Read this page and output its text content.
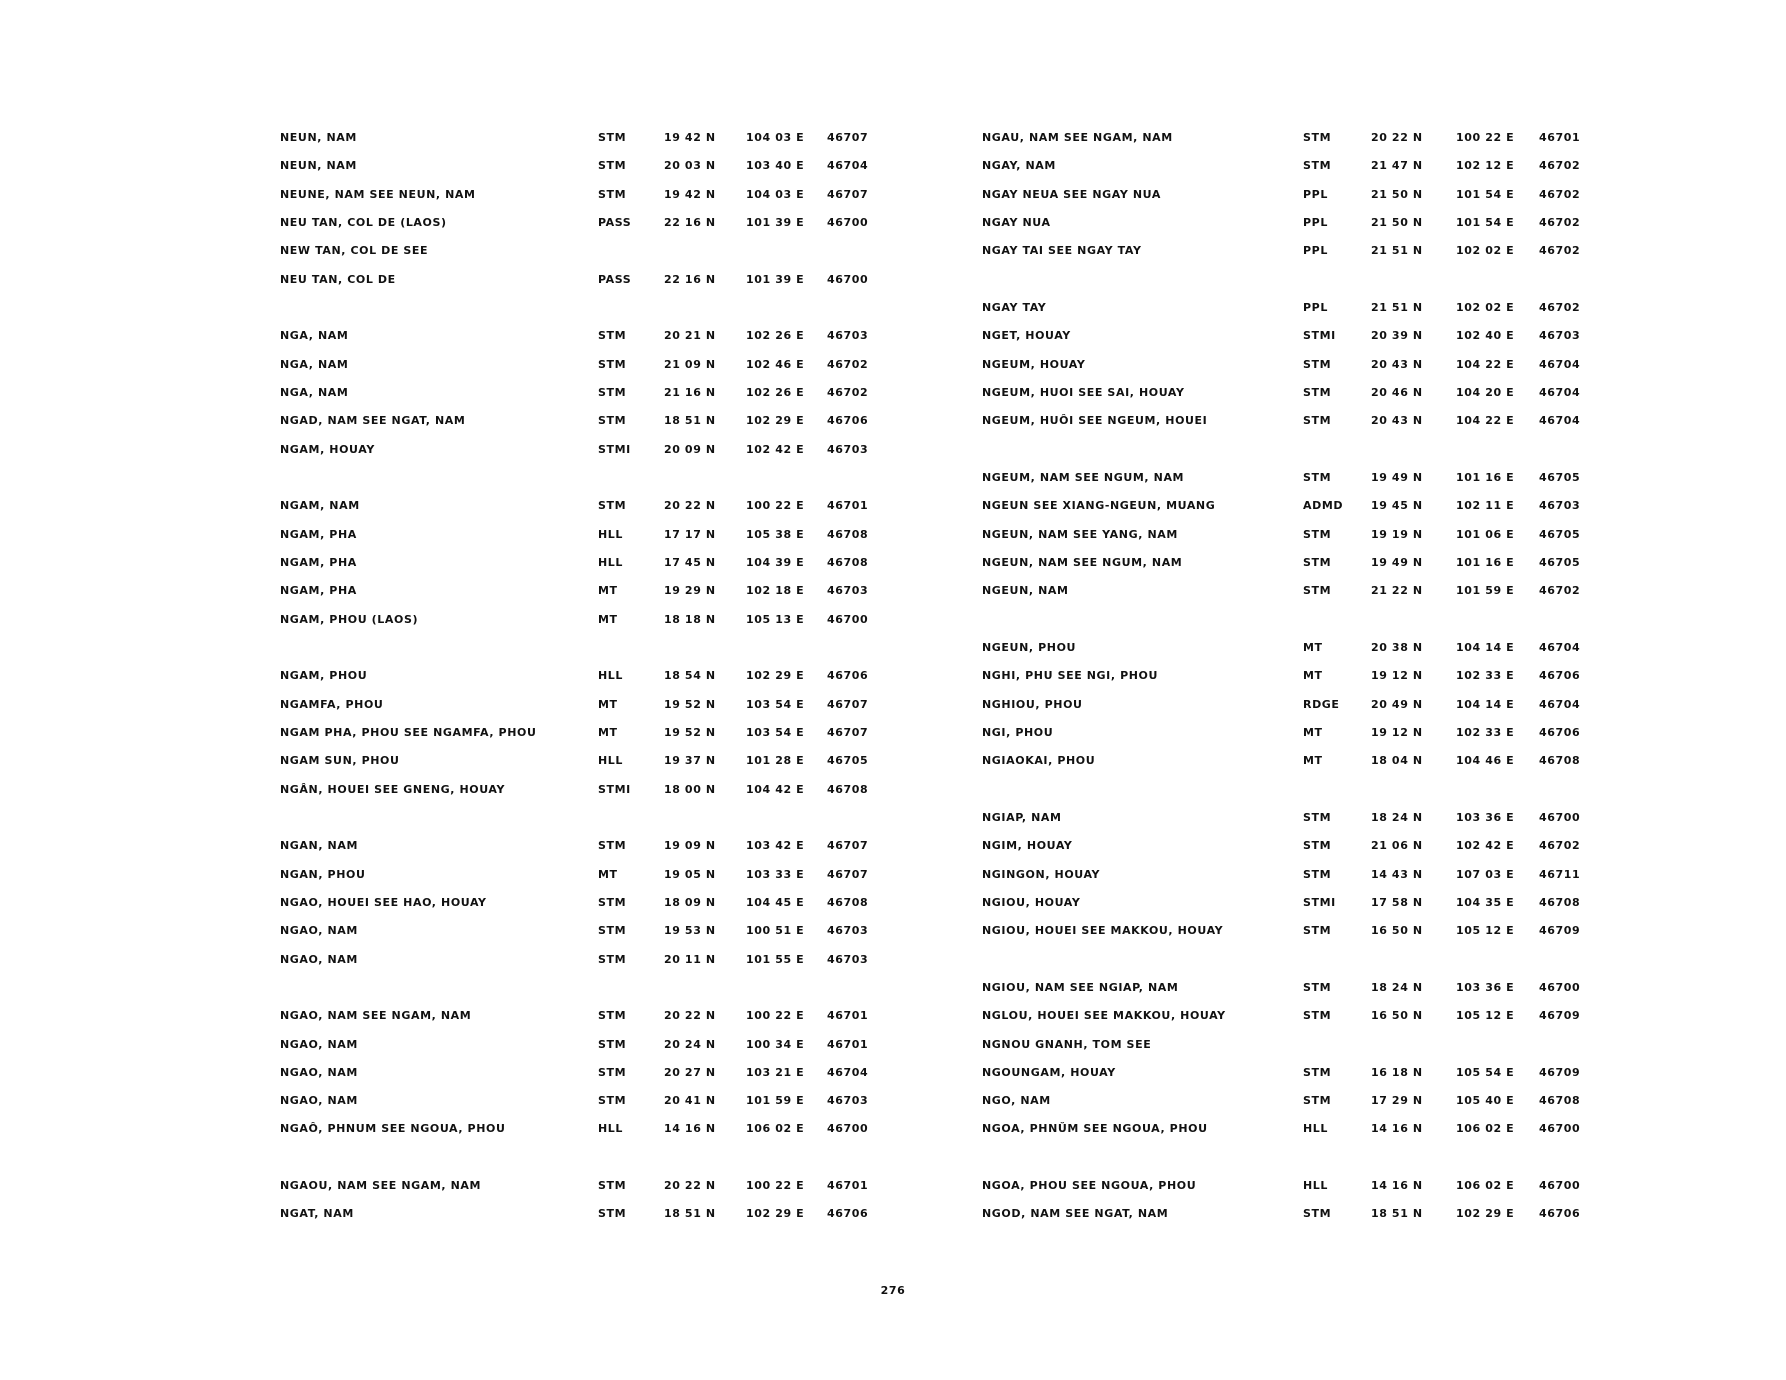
NEUN, NAM	STM	19 42 N	104 03 E 46707
NEUN, NAM	STM	20 03 N	103 40 E 46704
NEUNE, NAM SEE NEUN, NAM	STM	19 42 N	104 03 E 46707
NEU TAN, COL DE (LAOS)	PASS	22 16 N	101 39 E 46700
NEW TAN, COL DE SEE
NEU TAN, COL DE	PASS	22 16 N	101 39 E 46700
NGA, NAM	STM	20 21 N	102 26 E 46703
NGA, NAM	STM	21 09 N	102 46 E 46702
NGA, NAM	STM	21 16 N	102 26 E 46702
NGAD, NAM SEE NGAT, NAM	STM	18 51 N	102 29 E 46706
NGAM, HOUAY	STMI	20 09 N	102 42 E 46703
NGAM, NAM	STM	20 22 N	100 22 E 46701
NGAM, PHA	HLL	17 17 N	105 38 E 46708
NGAM, PHA	HLL	17 45 N	104 39 E 46708
NGAM, PHA	MT	19 29 N	102 18 E 46703
NGAM, PHOU (LAOS)	MT	18 18 N	105 13 E 46700
NGAM, PHOU	HLL	18 54 N	102 29 E 46706
NGAMFA, PHOU	MT	19 52 N	103 54 E 46707
NGAM PHA, PHOU SEE NGAMFA, PHOU	MT	19 52 N	103 54 E 46707
NGAM SUN, PHOU	HLL	19 37 N	101 28 E 46705
NGÂN, HOUEI SEE GNENG, HOUAY	STMI	18 00 N	104 42 E 46708
NGAN, NAM	STM	19 09 N	103 42 E 46707
NGAN, PHOU	MT	19 05 N	103 33 E 46707
NGAO, HOUEI SEE HAO, HOUAY	STM	18 09 N	104 45 E 46708
NGAO, NAM	STM	19 53 N	100 51 E 46703
NGAO, NAM	STM	20 11 N	101 55 E 46703
NGAO, NAM SEE NGAM, NAM	STM	20 22 N	100 22 E 46701
NGAO, NAM	STM	20 24 N	100 34 E 46701
NGAO, NAM	STM	20 27 N	103 21 E 46704
NGAO, NAM	STM	20 41 N	101 59 E 46703
NGAÔ, PHNUM SEE NGOUA, PHOU	HLL	14 16 N	106 02 E 46700
NGAOU, NAM SEE NGAM, NAM	STM	20 22 N	100 22 E 46701
NGAT, NAM	STM	18 51 N	102 29 E 46706
NGAU, NAM SEE NGAM, NAM	STM	20 22 N	100 22 E 46701
NGAY, NAM	STM	21 47 N	102 12 E 46702
NGAY NEUA SEE NGAY NUA	PPL	21 50 N	101 54 E 46702
NGAY NUA	PPL	21 50 N	101 54 E 46702
NGAY TAI SEE NGAY TAY	PPL	21 51 N	102 02 E 46702
NGAY TAY	PPL	21 51 N	102 02 E 46702
NGET, HOUAY	STMI	20 39 N	102 40 E 46703
NGEUM, HOUAY	STM	20 43 N	104 22 E 46704
NGEUM, HUOI SEE SAI, HOUAY	STM	20 46 N	104 20 E 46704
NGEUM, HUÔI SEE NGEUM, HOUEI	STM	20 43 N	104 22 E 46704
NGEUM, NAM SEE NGUM, NAM	STM	19 49 N	101 16 E 46705
NGEUN SEE XIANG-NGEUN, MUANG	ADMD	19 45 N	102 11 E 46703
NGEUN, NAM SEE YANG, NAM	STM	19 19 N	101 06 E 46705
NGEUN, NAM SEE NGUM, NAM	STM	19 49 N	101 16 E 46705
NGEUN, NAM	STM	21 22 N	101 59 E 46702
NGEUN, PHOU	MT	20 38 N	104 14 E 46704
NGHI, PHU SEE NGI, PHOU	MT	19 12 N	102 33 E 46706
NGHIOU, PHOU	RDGE	20 49 N	104 14 E 46704
NGI, PHOU	MT	19 12 N	102 33 E 46706
NGIAOKAI, PHOU	MT	18 04 N	104 46 E 46708
NGIAP, NAM	STM	18 24 N	103 36 E 46700
NGIM, HOUAY	STM	21 06 N	102 42 E 46702
NGINGON, HOUAY	STM	14 43 N	107 03 E 46711
NGIOU, HOUAY	STMI	17 58 N	104 35 E 46708
NGIOU, HOUEI SEE MAKKOU, HOUAY	STM	16 50 N	105 12 E 46709
NGIOU, NAM SEE NGIAP, NAM	STM	18 24 N	103 36 E 46700
NGLOU, HOUEI SEE MAKKOU, HOUAY	STM	16 50 N	105 12 E 46709
NGNOU GNANH, TOM SEE
NGOUNGAM, HOUAY	STM	16 18 N	105 54 E 46709
NGO, NAM	STM	17 29 N	105 40 E 46708
NGOA, PHNŬM SEE NGOUA, PHOU	HLL	14 16 N	106 02 E 46700
NGOA, PHOU SEE NGOUA, PHOU	HLL	14 16 N	106 02 E 46700
NGOD, NAM SEE NGAT, NAM	STM	18 51 N	102 29 E 46706
276
